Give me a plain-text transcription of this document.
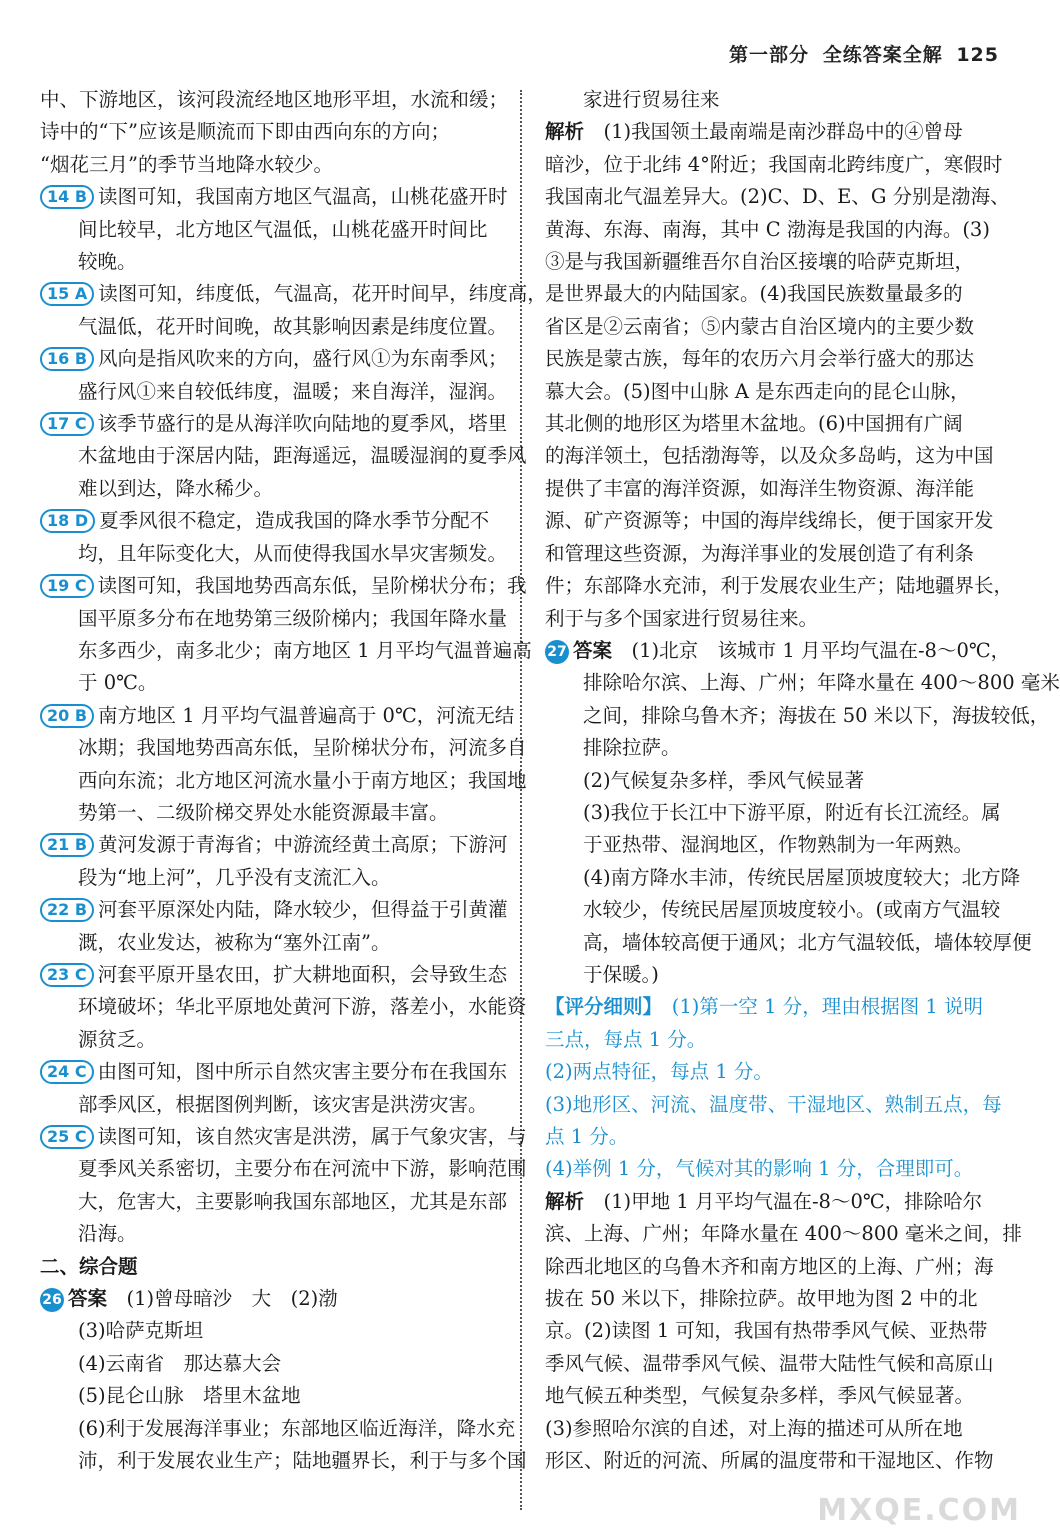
第一部分 全练答案全解 125
中、下游地区，该河段流经地区地形平坦，水流和缓；
诗中的“下”应该是顺流而下即由西向东的方向；
“烟花三月”的季节当地降水较少。
14 B 读图可知，我国南方地区气温高，山桃花盛开时
间比较早，北方地区气温低，山桃花盛开时间比
较晚。
15 A 读图可知，纬度低，气温高，花开时间早，纬度高，
气温低，花开时间晚，故其影响因素是纬度位置。
16 B 风向是指风吹来的方向，盛行风①为东南季风；
盛行风①来自较低纬度，温暖；来自海洋，湿润。
17 C 该季节盛行的是从海洋吹向陆地的夏季风，塔里
木盆地由于深居内陆，距海遥远，温暖湿润的夏季风
难以到达，降水稀少。
18 D 夏季风很不稳定，造成我国的降水季节分配不
均，且年际变化大，从而使得我国水旱灾害频发。
19 C 读图可知，我国地势西高东低，呈阶梯状分布；我
国平原多分布在地势第三级阶梯内；我国年降水量
东多西少，南多北少；南方地区 1 月平均气温普遍高
于 0℃。
20 B 南方地区 1 月平均气温普遍高于 0℃，河流无结
冰期；我国地势西高东低，呈阶梯状分布，河流多自
西向东流；北方地区河流水量小于南方地区；我国地
势第一、二级阶梯交界处水能资源最丰富。
21 B 黄河发源于青海省；中游流经黄土高原；下游河
段为“地上河”，几乎没有支流汇入。
22 B 河套平原深处内陆，降水较少，但得益于引黄灌
溉，农业发达，被称为“塞外江南”。
23 C 河套平原开垦农田，扩大耕地面积，会导致生态
环境破坏；华北平原地处黄河下游，落差小，水能资
源贫乏。
24 C 由图可知，图中所示自然灾害主要分布在我国东
部季风区，根据图例判断，该灾害是洪涝灾害。
25 C 读图可知，该自然灾害是洪涝，属于气象灾害，与
夏季风关系密切，主要分布在河流中下游，影响范围
大，危害大，主要影响我国东部地区，尤其是东部
沿海。
二、综合题
26 答案　 (1)曾母暗沙　大　(2)渤
(3)哈萨克斯坦
(4)云南省　那达慕大会
(5)昆仑山脉　塔里木盆地
(6)利于发展海洋事业；东部地区临近海洋，降水充
沛，利于发展农业生产；陆地疆界长，利于与多个国
家进行贸易往来
解析　 (1)我国领土最南端是南沙群岛中的④曾母
暗沙，位于北纬 4°附近；我国南北跨纬度广，寒假时
我国南北气温差异大。(2)C、D、E、G 分别是渤海、
黄海、东海、南海，其中 C 渤海是我国的内海。(3)
③是与我国新疆维吾尔自治区接壤的哈萨克斯坦，
是世界最大的内陆国家。(4)我国民族数量最多的
省区是②云南省；⑤内蒙古自治区境内的主要少数
民族是蒙古族，每年的农历六月会举行盛大的那达
慕大会。(5)图中山脉 A 是东西走向的昆仑山脉，
其北侧的地形区为塔里木盆地。(6)中国拥有广阔
的海洋领土，包括渤海等，以及众多岛屿，这为中国
提供了丰富的海洋资源，如海洋生物资源、海洋能
源、矿产资源等；中国的海岸线绵长，便于国家开发
和管理这些资源，为海洋事业的发展创造了有利条
件；东部降水充沛，利于发展农业生产；陆地疆界长，
利于与多个国家进行贸易往来。
27 答案　 (1)北京　该城市 1 月平均气温在-8～0℃，
排除哈尔滨、上海、广州；年降水量在 400～800 毫米
之间，排除乌鲁木齐；海拔在 50 米以下，海拔较低，
排除拉萨。
(2)气候复杂多样，季风气候显著
(3)我位于长江中下游平原，附近有长江流经。属
于亚热带、湿润地区，作物熟制为一年两熟。
(4)南方降水丰沛，传统民居屋顶坡度较大；北方降
水较少，传统民居屋顶坡度较小。(或南方气温较
高，墙体较高便于通风；北方气温较低，墙体较厚便
于保暖。)
【评分细则】　 (1)第一空 1 分，理由根据图 1 说明
三点，每点 1 分。
(2)两点特征，每点 1 分。
(3)地形区、河流、温度带、干湿地区、熟制五点，每
点 1 分。
(4)举例 1 分，气候对其的影响 1 分，合理即可。
解析　 (1)甲地 1 月平均气温在-8～0℃，排除哈尔
滨、上海、广州；年降水量在 400～800 毫米之间，排
除西北地区的乌鲁木齐和南方地区的上海、广州；海
拔在 50 米以下，排除拉萨。故甲地为图 2 中的北
京。(2)读图 1 可知，我国有热带季风气候、亚热带
季风气候、温带季风气候、温带大陆性气候和高原山
地气候五种类型，气候复杂多样，季风气候显著。
(3)参照哈尔滨的自述，对上海的描述可从所在地
形区、附近的河流、所属的温度带和干湿地区、作物
MXQE.COM
